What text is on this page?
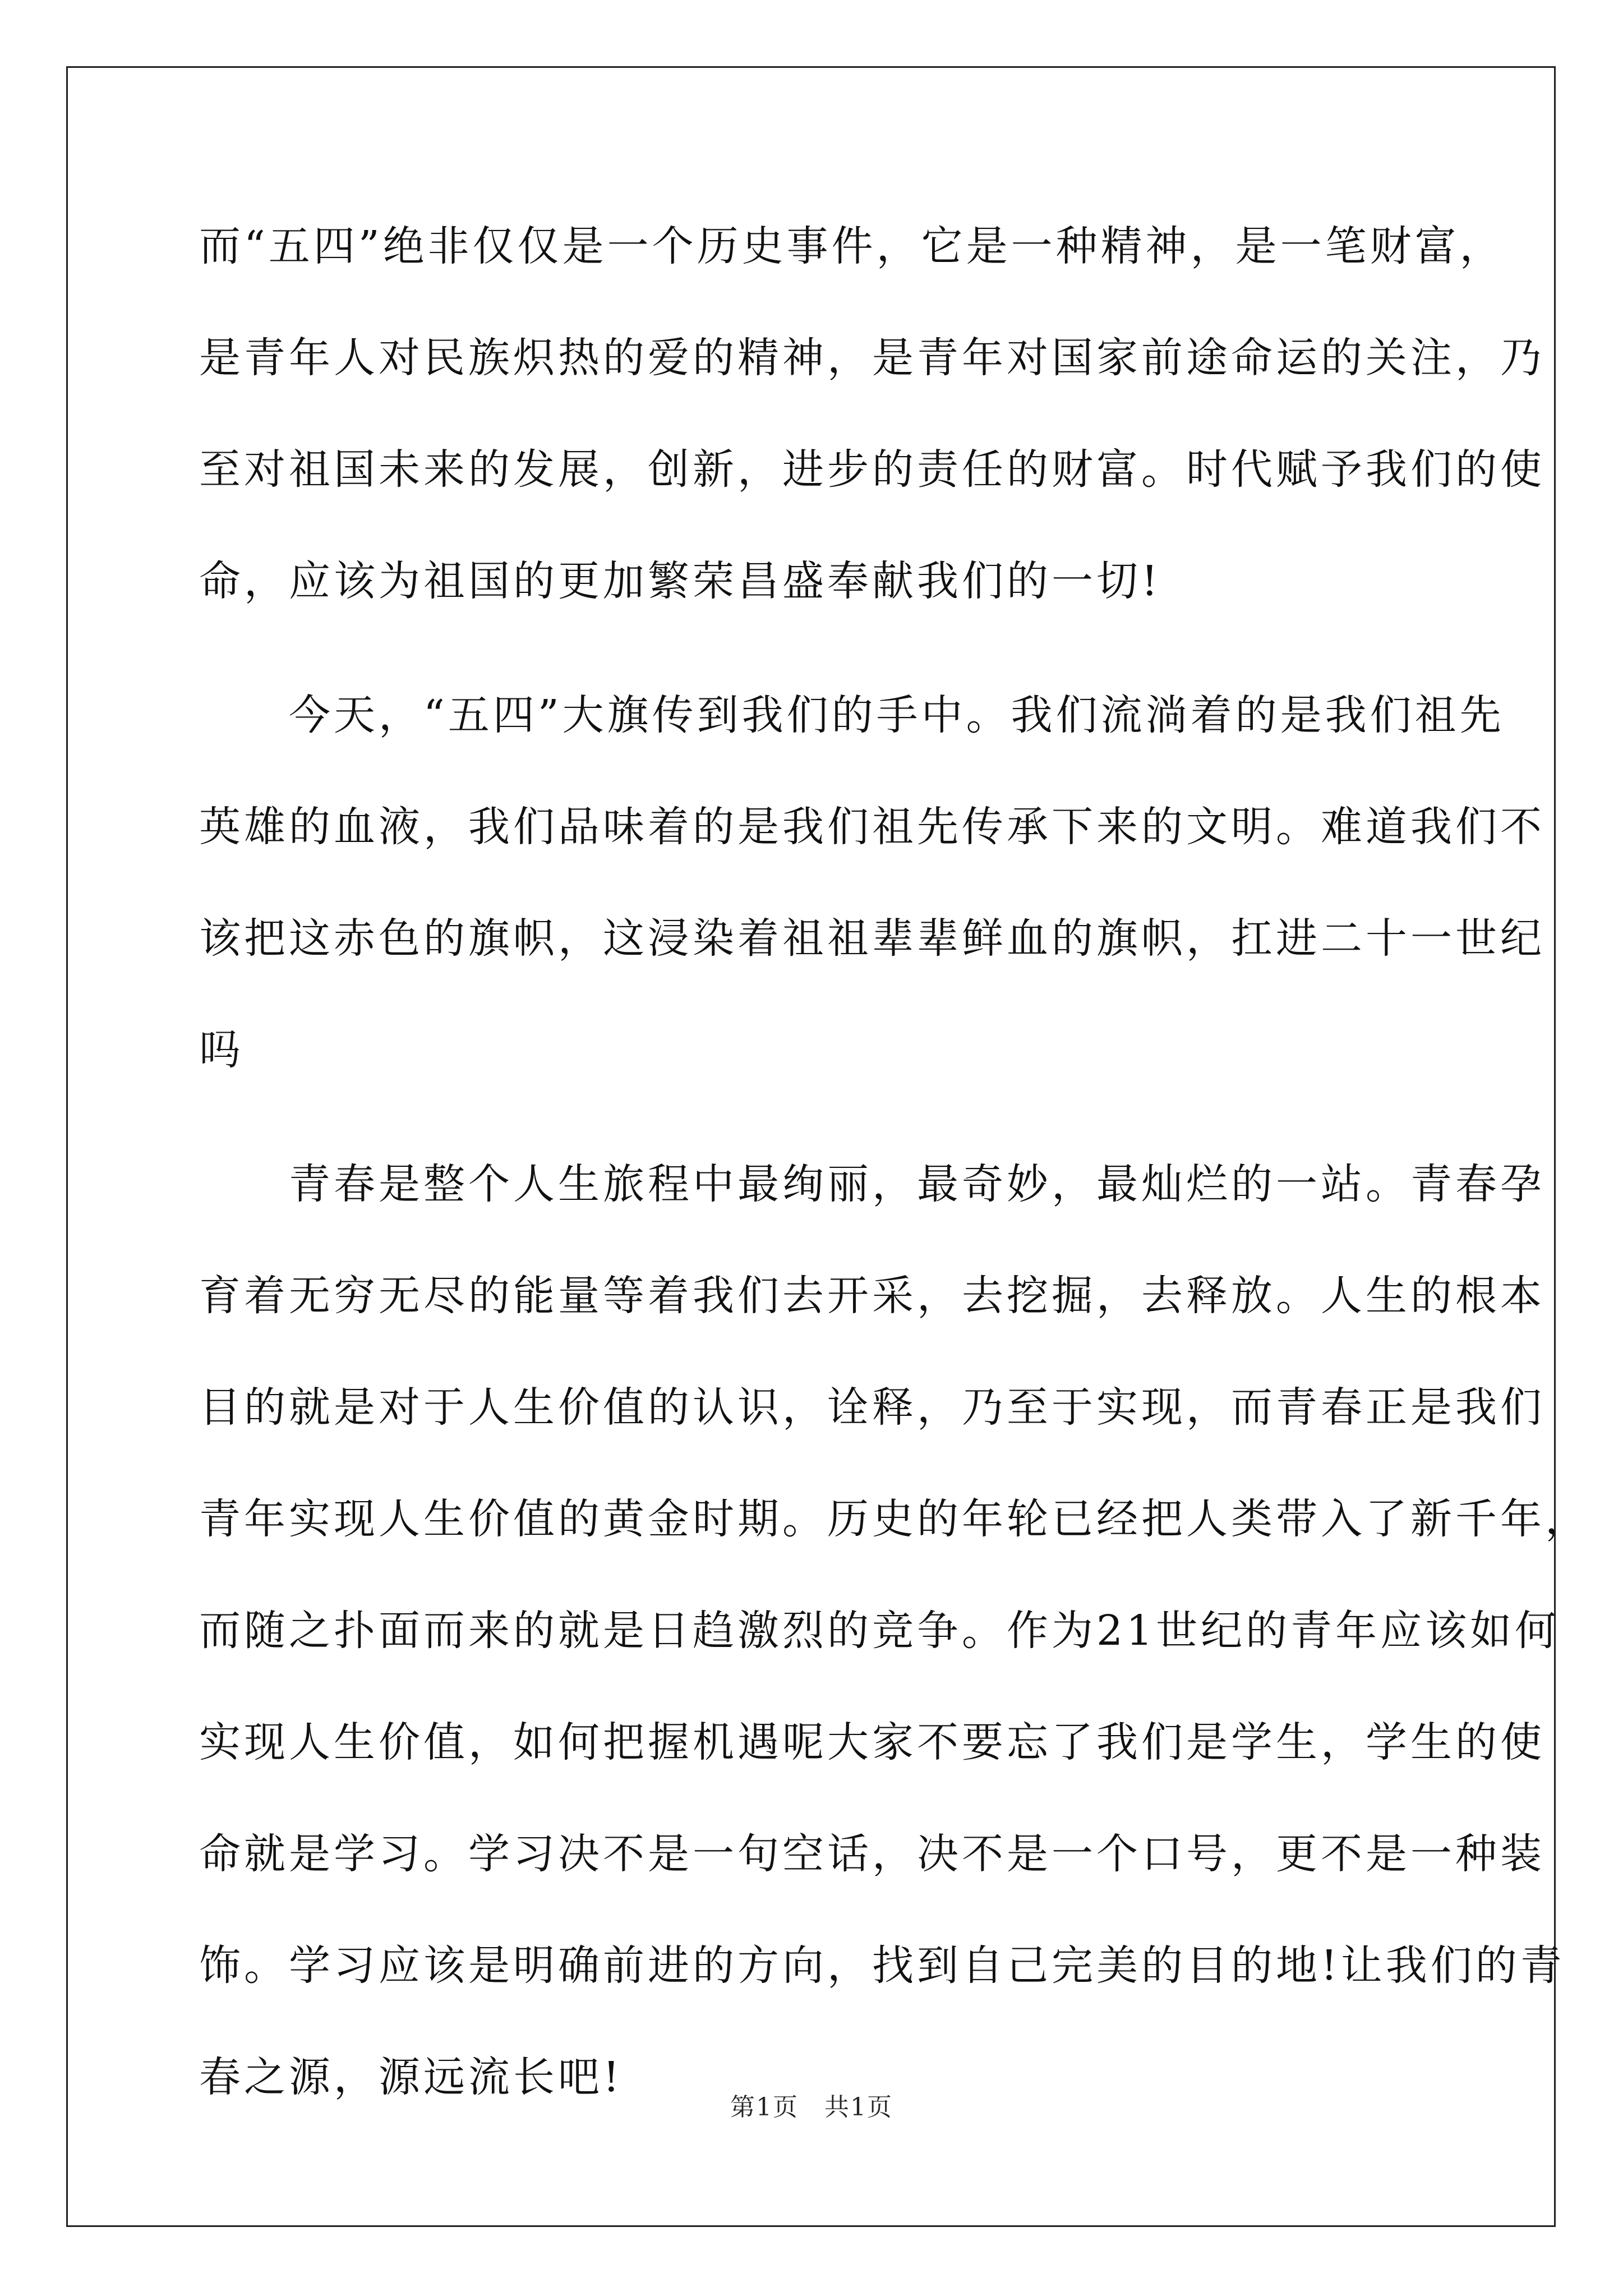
而“五四”绝非仅仅是一个历史事件，它是一种精神，是一笔财富，
是青年人对民族炽热的爱的精神，是青年对国家前途命运的关注，乃
至对祖国未来的发展，创新，进步的责任的财富。时代赋予我们的使
命，应该为祖国的更加繁荣昌盛奉献我们的一切!
　　今天，“五四”大旗传到我们的手中。我们流淌着的是我们祖先
英雄的血液，我们品味着的是我们祖先传承下来的文明。难道我们不
该把这赤色的旗帜，这浸染着祖祖辈辈鲜血的旗帜，扛进二十一世纪
吗
　　青春是整个人生旅程中最绚丽，最奇妙，最灿烂的一站。青春孕
育着无穷无尽的能量等着我们去开采，去挖掘，去释放。人生的根本
目的就是对于人生价值的认识，诠释，乃至于实现，而青春正是我们
青年实现人生价值的黄金时期。历史的年轮已经把人类带入了新千年，
而随之扑面而来的就是日趋激烈的竞争。作为21世纪的青年应该如何
实现人生价值，如何把握机遇呢大家不要忘了我们是学生，学生的使
命就是学习。学习决不是一句空话，决不是一个口号，更不是一种装
饰。学习应该是明确前进的方向，找到自己完美的目的地!让我们的青
春之源，源远流长吧!
第1页　共1页
